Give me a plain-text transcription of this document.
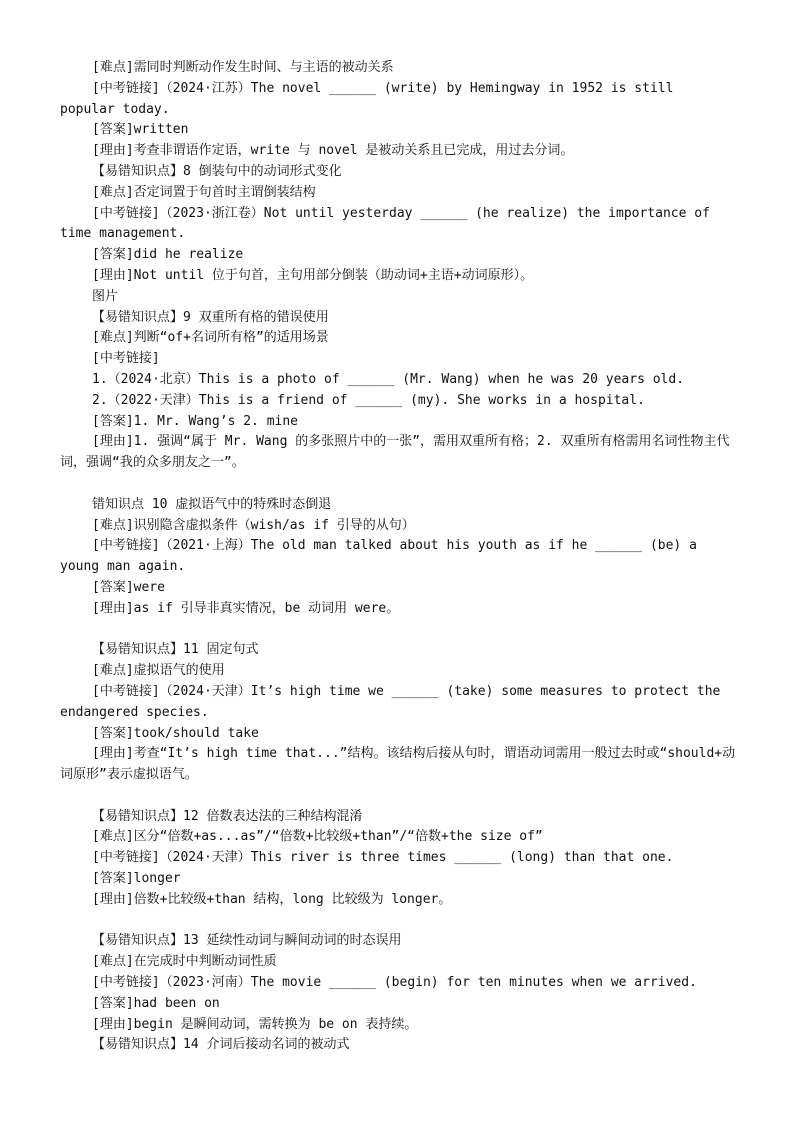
[难点]需同时判断动作发生时间、与主语的被动关系
[中考链接]（2024·江苏）The novel ______ (write) by Hemingway in 1952 is still popular today.
[答案]written
[理由]考查非谓语作定语，write 与 novel 是被动关系且已完成，用过去分词。
【易错知识点】8 倒装句中的动词形式变化
[难点]否定词置于句首时主谓倒装结构
[中考链接]（2023·浙江卷）Not until yesterday ______ (he realize) the importance of time management.
[答案]did he realize
[理由]Not until 位于句首，主句用部分倒装（助动词+主语+动词原形）。
图片
【易错知识点】9 双重所有格的错误使用
[难点]判断“of+名词所有格”的适用场景
[中考链接]
1.（2024·北京）This is a photo of ______ (Mr. Wang) when he was 20 years old.
2.（2022·天津）This is a friend of ______ (my). She works in a hospital.
[答案]1. Mr. Wang’s 2. mine
[理由]1. 强调“属于 Mr. Wang 的多张照片中的一张”，需用双重所有格；2. 双重所有格需用名词性物主代词，强调“我的众多朋友之一”。
错知识点 10 虚拟语气中的特殊时态倒退
[难点]识别隐含虚拟条件（wish/as if 引导的从句）
[中考链接]（2021·上海）The old man talked about his youth as if he ______ (be) a young man again.
[答案]were
[理由]as if 引导非真实情况，be 动词用 were。
【易错知识点】11 固定句式
[难点]虚拟语气的使用
[中考链接]（2024·天津）It’s high time we ______ (take) some measures to protect the endangered species.
[答案]took/should take
[理由]考查“It’s high time that...”结构。该结构后接从句时，谓语动词需用一般过去时或“should+动词原形”表示虚拟语气。
【易错知识点】12 倍数表达法的三种结构混淆
[难点]区分“倍数+as...as”/“倍数+比较级+than”/“倍数+the size of”
[中考链接]（2024·天津）This river is three times ______ (long) than that one.
[答案]longer
[理由]倍数+比较级+than 结构，long 比较级为 longer。
【易错知识点】13 延续性动词与瞬间动词的时态误用
[难点]在完成时中判断动词性质
[中考链接]（2023·河南）The movie ______ (begin) for ten minutes when we arrived.
[答案]had been on
[理由]begin 是瞬间动词，需转换为 be on 表持续。
【易错知识点】14 介词后接动名词的被动式
